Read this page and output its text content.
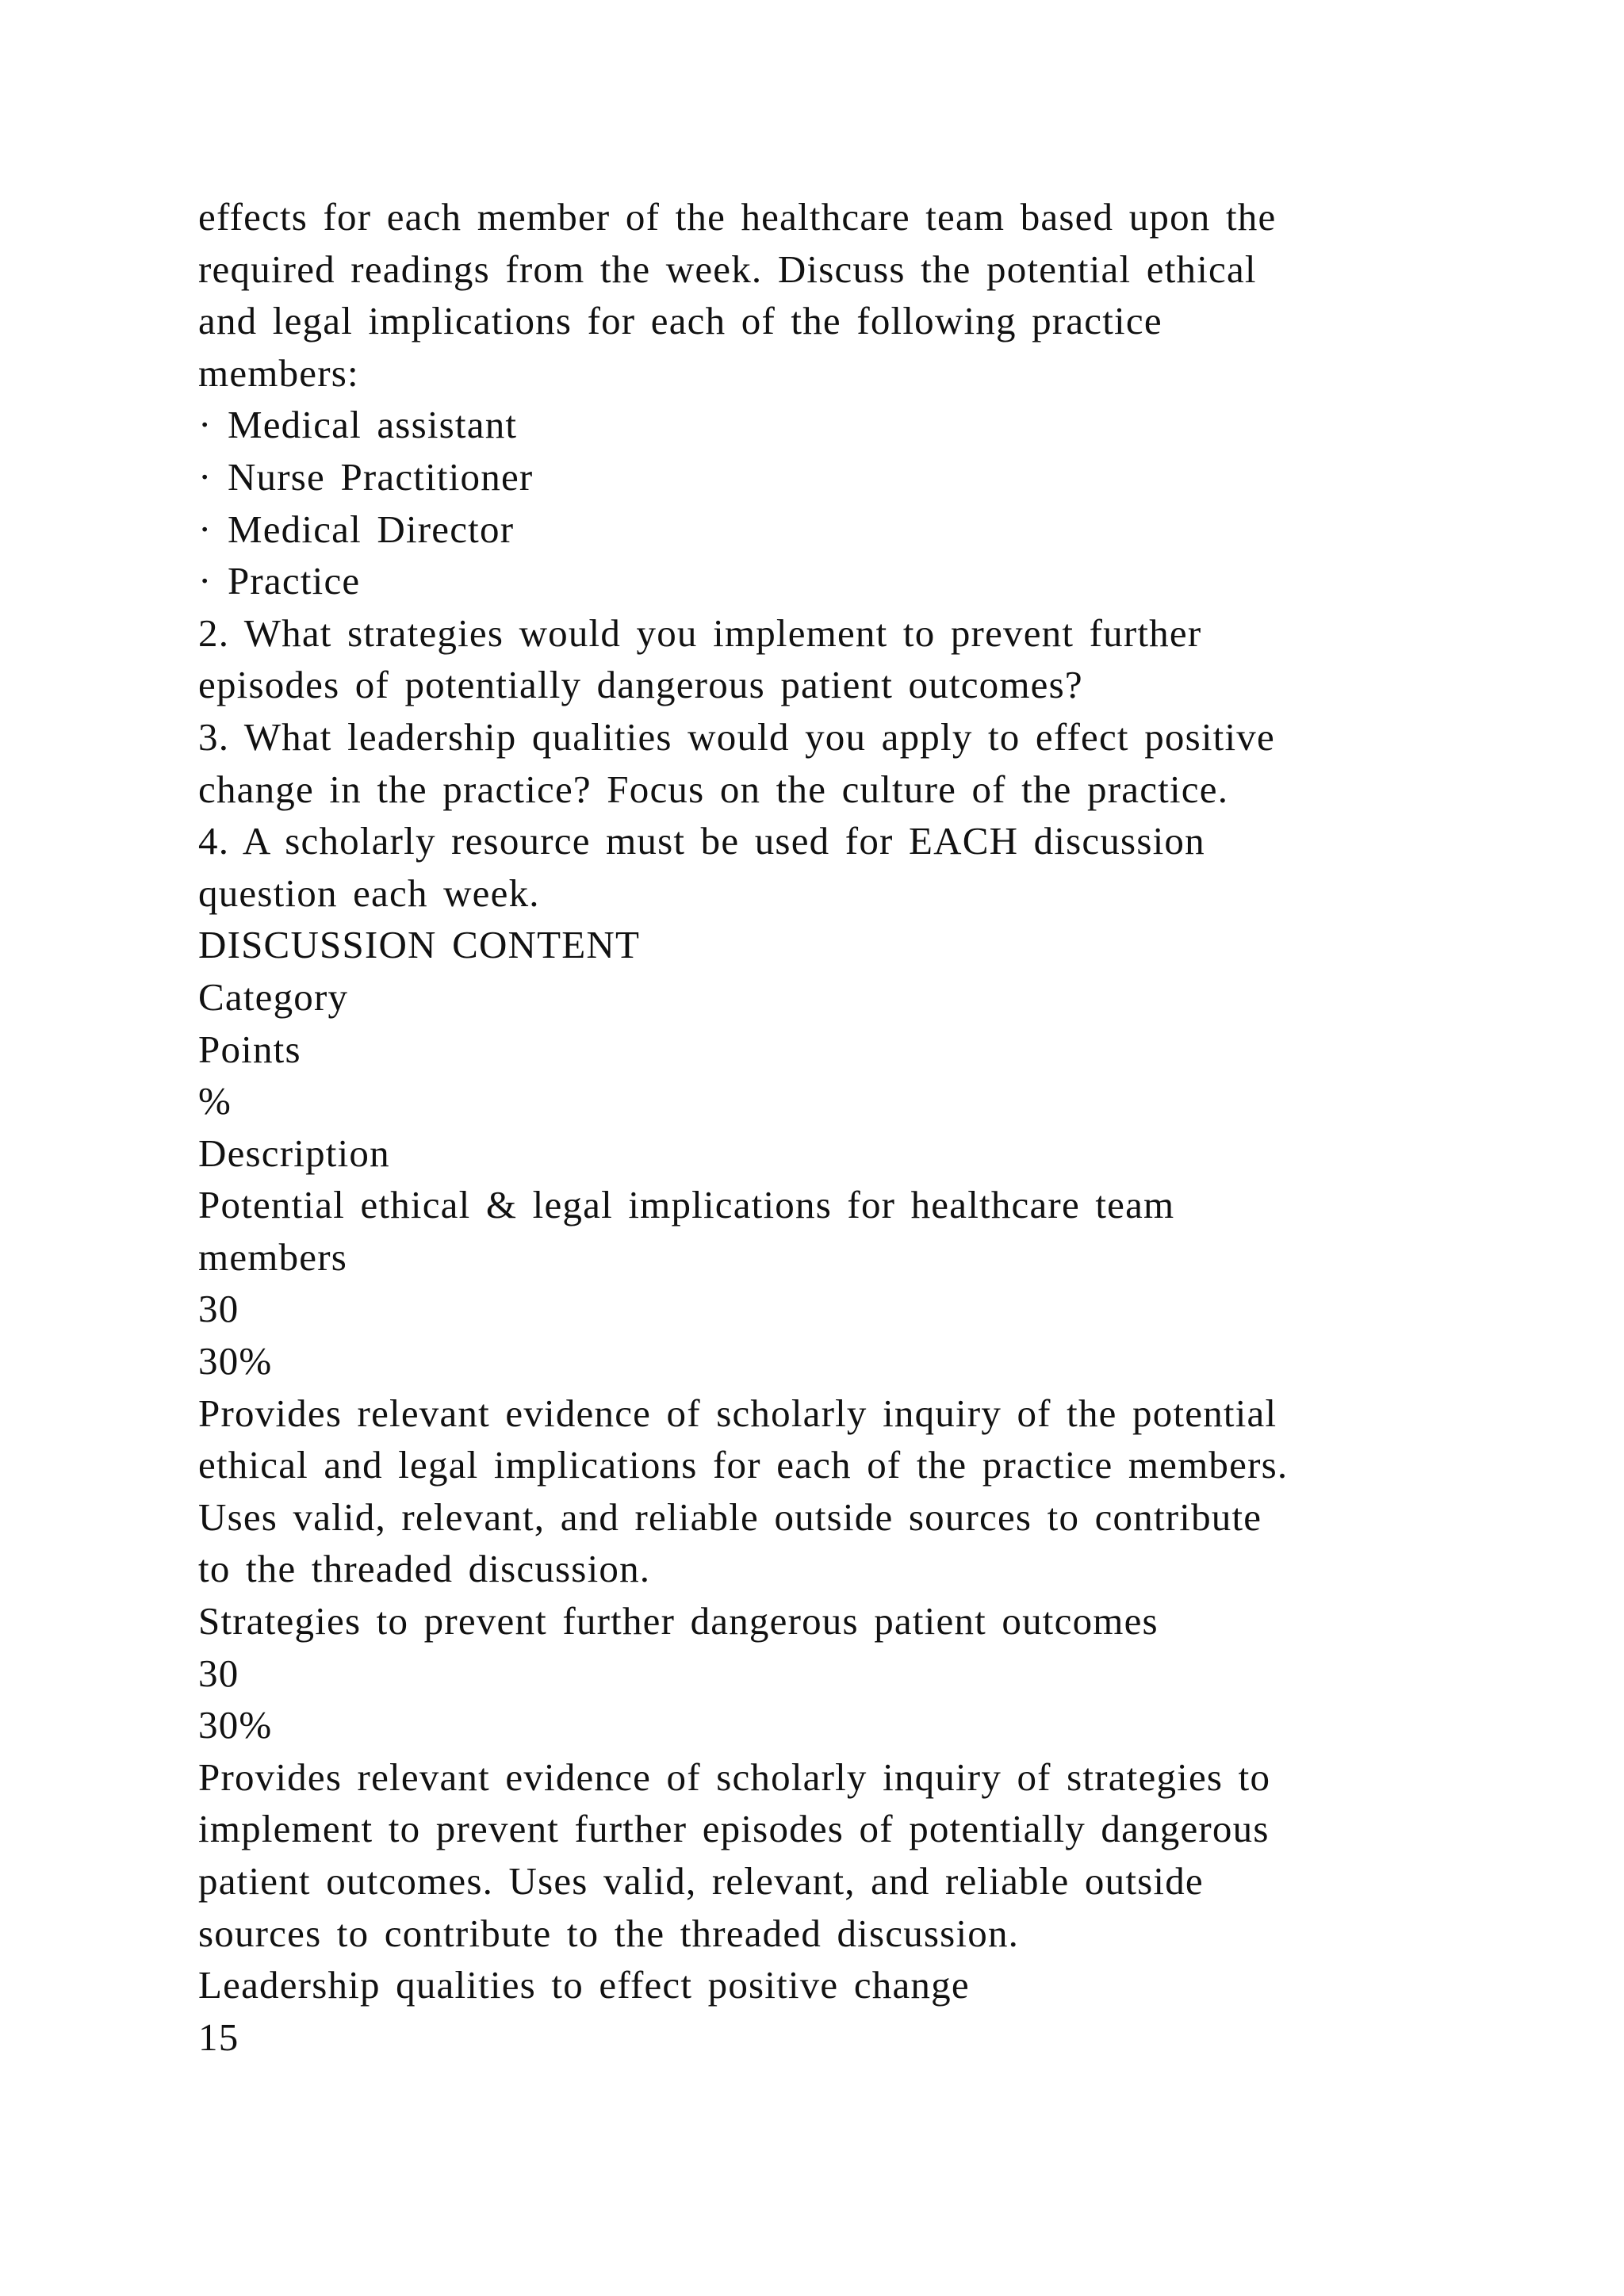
effects for each member of the healthcare team based upon the
required readings from the week. Discuss the potential ethical
and legal implications for each of the following practice
members:
· Medical assistant
· Nurse Practitioner
· Medical Director
· Practice
2. What strategies would you implement to prevent further
episodes of potentially dangerous patient outcomes?
3. What leadership qualities would you apply to effect positive
change in the practice? Focus on the culture of the practice.
4. A scholarly resource must be used for EACH discussion
question each week.
DISCUSSION CONTENT
Category
Points
%
Description
Potential ethical & legal implications for healthcare team
members
30
30%
Provides relevant evidence of scholarly inquiry of the potential
ethical and legal implications for each of the practice members.
Uses valid, relevant, and reliable outside sources to contribute
to the threaded discussion.
Strategies to prevent further dangerous patient outcomes
30
30%
Provides relevant evidence of scholarly inquiry of strategies to
implement to prevent further episodes of potentially dangerous
patient outcomes. Uses valid, relevant, and reliable outside
sources to contribute to the threaded discussion.
Leadership qualities to effect positive change
15
